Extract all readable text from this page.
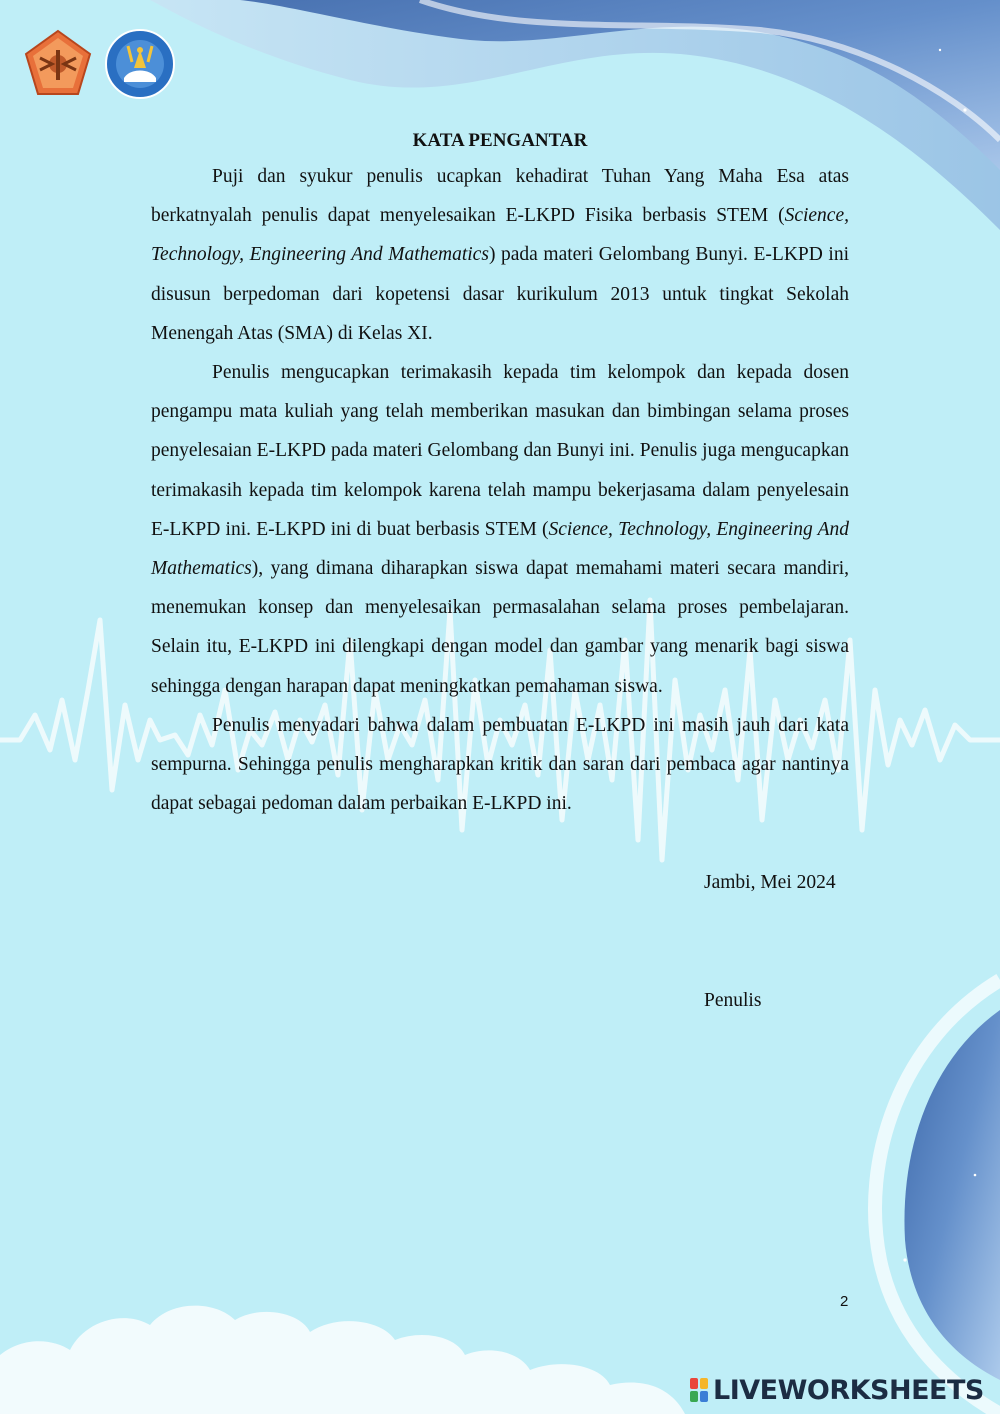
KATA PENGANTAR

Puji dan syukur penulis ucapkan kehadirat Tuhan Yang Maha Esa atas berkatnyalah penulis dapat menyelesaikan E-LKPD Fisika berbasis STEM (Science, Technology, Engineering And Mathematics) pada materi Gelombang Bunyi. E-LKPD ini disusun berpedoman dari kopetensi dasar kurikulum 2013 untuk tingkat Sekolah Menengah Atas (SMA) di Kelas XI.

Penulis mengucapkan terimakasih kepada tim kelompok dan kepada dosen pengampu mata kuliah yang telah memberikan masukan dan bimbingan selama proses penyelesaian E-LKPD pada materi Gelombang dan Bunyi ini. Penulis juga mengucapkan terimakasih kepada tim kelompok karena telah mampu bekerjasama dalam penyelesain E-LKPD ini. E-LKPD ini di buat berbasis STEM (Science, Technology, Engineering And Mathematics), yang dimana diharapkan siswa dapat memahami materi secara mandiri, menemukan konsep dan menyelesaikan permasalahan selama proses pembelajaran. Selain itu, E-LKPD ini dilengkapi dengan model dan gambar yang menarik bagi siswa sehingga dengan harapan dapat meningkatkan pemahaman siswa.

Penulis menyadari bahwa dalam pembuatan E-LKPD ini masih jauh dari kata sempurna. Sehingga penulis mengharapkan kritik dan saran dari pembaca agar nantinya dapat sebagai pedoman dalam perbaikan E-LKPD ini.

Jambi, Mei 2024
Penulis
2
LIVEWORKSHEETS
